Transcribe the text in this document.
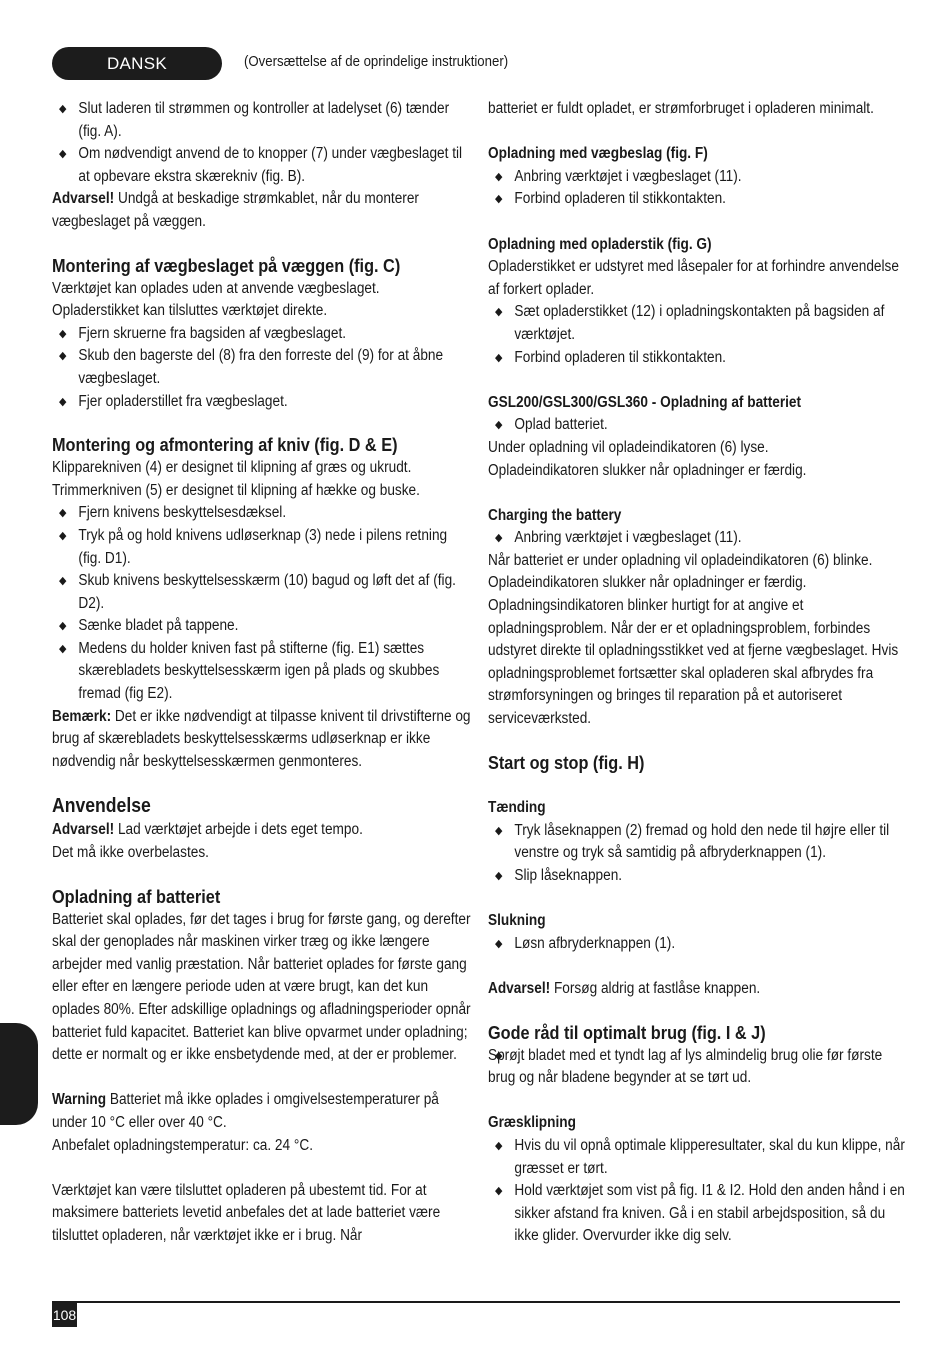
DANSK	(Oversættelse af de oprindelige instruktioner)

◆ Slut laderen til strømmen og kontroller at ladelyset (6) tænder (fig. A).

◆ Om nødvendigt anvend de to knopper (7) under vægbeslaget til at opbevare ekstra skærekniv (fig. B).

Advarsel! Undgå at beskadige strømkablet, når du monterer vægbeslaget på væggen.

Montering af vægbeslaget på væggen (fig. C)

Værktøjet kan oplades uden at anvende vægbeslaget.

Opladerstikket kan tilsluttes værktøjet direkte.

◆ Fjern skruerne fra bagsiden af vægbeslaget.

◆ Skub den bagerste del (8) fra den forreste del (9) for at åbne vægbeslaget.

◆ Fjer opladerstillet fra vægbeslaget.

Montering og afmontering af kniv (fig. D & E)

Klipparekniven (4) er designet til klipning af græs og ukrudt.

Trimmerkniven (5) er designet til klipning af hække og buske.

◆ Fjern knivens beskyttelsesdæksel.

◆ Tryk på og hold knivens udløserknap (3) nede i pilens retning (fig. D1).

◆ Skub knivens beskyttelsesskærm (10) bagud og løft det af (fig. D2).

◆ Sænke bladet på tappene.

◆ Medens du holder kniven fast på stifterne (fig. E1) sættes skærebladets beskyttelsesskærm igen på plads og skubbes fremad (fig E2).

Bemærk: Det er ikke nødvendigt at tilpasse knivent til drivstifterne og brug af skærebladets beskyttelsesskærms udløserknap er ikke nødvendig når beskyttelsesskærmen genmonteres.

Anvendelse

Advarsel! Lad værktøjet arbejde i dets eget tempo.

Det må ikke overbelastes.

Opladning af batteriet

Batteriet skal oplades, før det tages i brug for første gang, og derefter skal der genoplades når maskinen virker træg og ikke længere arbejder med vanlig præstation. Når batteriet oplades for første gang eller efter en længere periode uden at være brugt, kan det kun oplades 80%. Efter adskillige opladnings og afladningsperioder opnår batteriet fuld kapacitet. Batteriet kan blive opvarmet under opladning; dette er normalt og er ikke ensbetydende med, at der er problemer.

Warning Batteriet må ikke oplades i omgivelsestemperaturer på under 10 °C eller over 40 °C.

Anbefalet opladningstemperatur: ca. 24 °C.

Værktøjet kan være tilsluttet opladeren på ubestemt tid. For at maksimere batteriets levetid anbefales det at lade batteriet være tilsluttet opladeren, når værktøjet ikke er i brug. Når

batteriet er fuldt opladet, er strømforbruget i opladeren minimalt.

Opladning med vægbeslag (fig. F)

◆ Anbring værktøjet i vægbeslaget (11).

◆ Forbind opladeren til stikkontakten.

Opladning med opladerstik (fig. G)

Opladerstikket er udstyret med låsepaler for at forhindre anvendelse af forkert oplader.

◆ Sæt opladerstikket (12) i opladningskontakten på bagsiden af værktøjet.

◆ Forbind opladeren til stikkontakten.

GSL200/GSL300/GSL360 - Opladning af batteriet

◆ Oplad batteriet.

Under opladning vil opladeindikatoren (6) lyse.

Opladeindikatoren slukker når opladninger er færdig.

Charging the battery

◆ Anbring værktøjet i vægbeslaget (11).

Når batteriet er under opladning vil opladeindikatoren (6) blinke. Opladeindikatoren slukker når opladninger er færdig. Opladningsindikatoren blinker hurtigt for at angive et opladningsproblem. Når der er et opladningsproblem, forbindes udstyret direkte til opladningsstikket ved at fjerne vægbeslaget. Hvis opladningsproblemet fortsætter skal opladeren skal afbrydes fra strømforsyningen og bringes til reparation på et autoriseret serviceværksted.

Start og stop (fig. H)

Tænding

◆ Tryk låseknappen (2) fremad og hold den nede til højre eller til venstre og tryk så samtidig på afbryderknappen (1).

◆ Slip låseknappen.

Slukning

◆ Løsn afbryderknappen (1).

Advarsel! Forsøg aldrig at fastlåse knappen.

Gode råd til optimalt brug (fig. I & J)

◆ Sprøjt bladet med et tyndt lag af lys almindelig brug olie før første brug og når bladene begynder at se tørt ud.

Græsklipning

◆ Hvis du vil opnå optimale klipperesultater, skal du kun klippe, når græsset er tørt.

◆ Hold værktøjet som vist på fig. I1 & I2. Hold den anden hånd i en sikker afstand fra kniven. Gå i en stabil arbejdsposition, så du ikke glider. Overvurder ikke dig selv.

108
